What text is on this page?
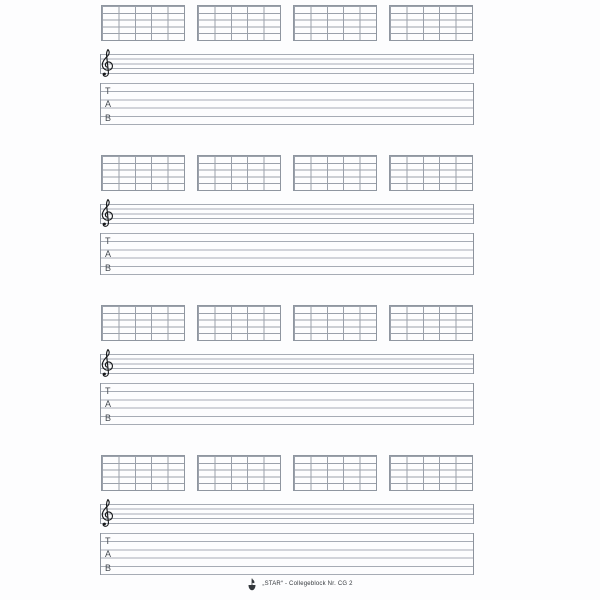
T
A
B
T
A
B
T
A
B
T
A
B
„STAR“ - Collegeblock Nr. CG 2
